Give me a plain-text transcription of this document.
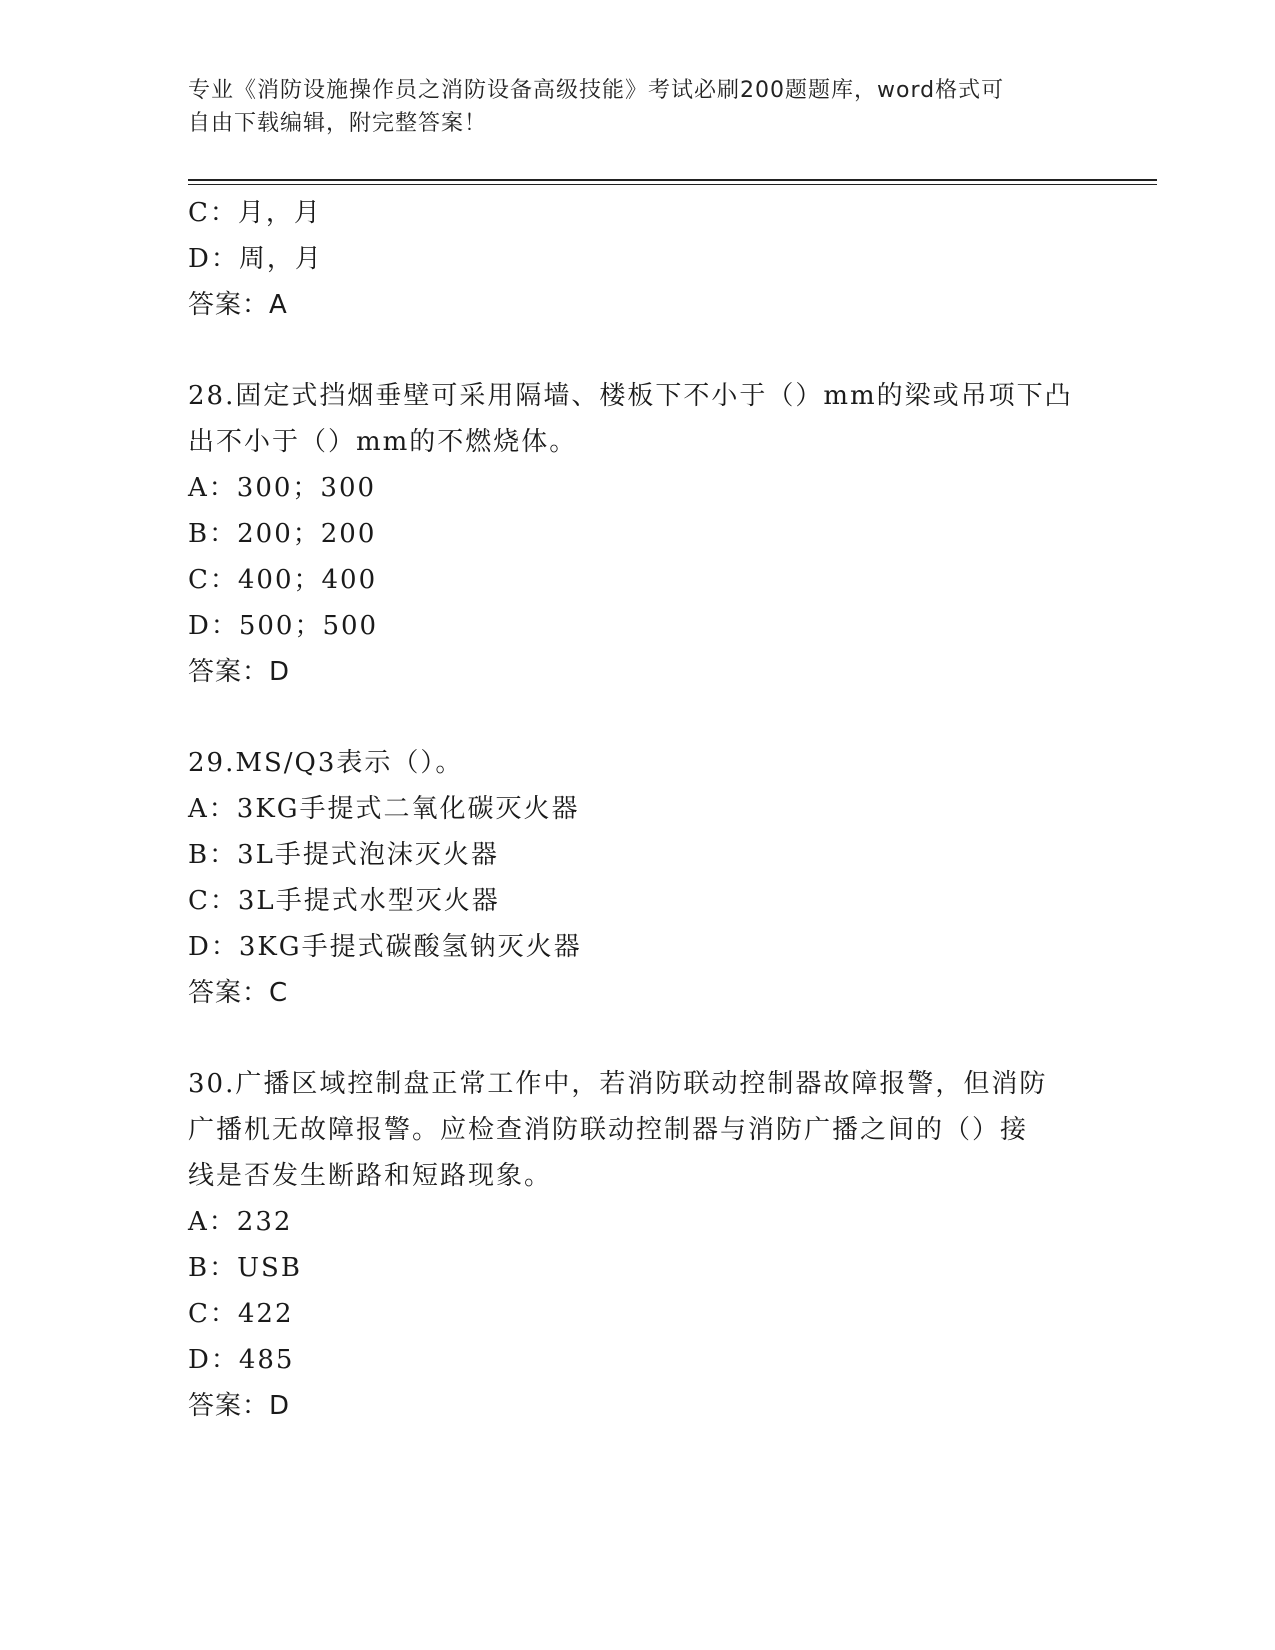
专业《消防设施操作员之消防设备高级技能》考试必刷200题题库，word格式可
自由下载编辑，附完整答案！
C：月，月
D：周，月
答案：A
28.固定式挡烟垂壁可采用隔墙、楼板下不小于（）mm的梁或吊项下凸
出不小于（）mm的不燃烧体。
A：300；300
B：200；200
C：400；400
D：500；500
答案：D
29.MS/Q3表示（）。
A：3KG手提式二氧化碳灭火器
B：3L手提式泡沫灭火器
C：3L手提式水型灭火器
D：3KG手提式碳酸氢钠灭火器
答案：C
30.广播区域控制盘正常工作中，若消防联动控制器故障报警，但消防
广播机无故障报警。应检查消防联动控制器与消防广播之间的（）接
线是否发生断路和短路现象。
A：232
B：USB
C：422
D：485
答案：D
